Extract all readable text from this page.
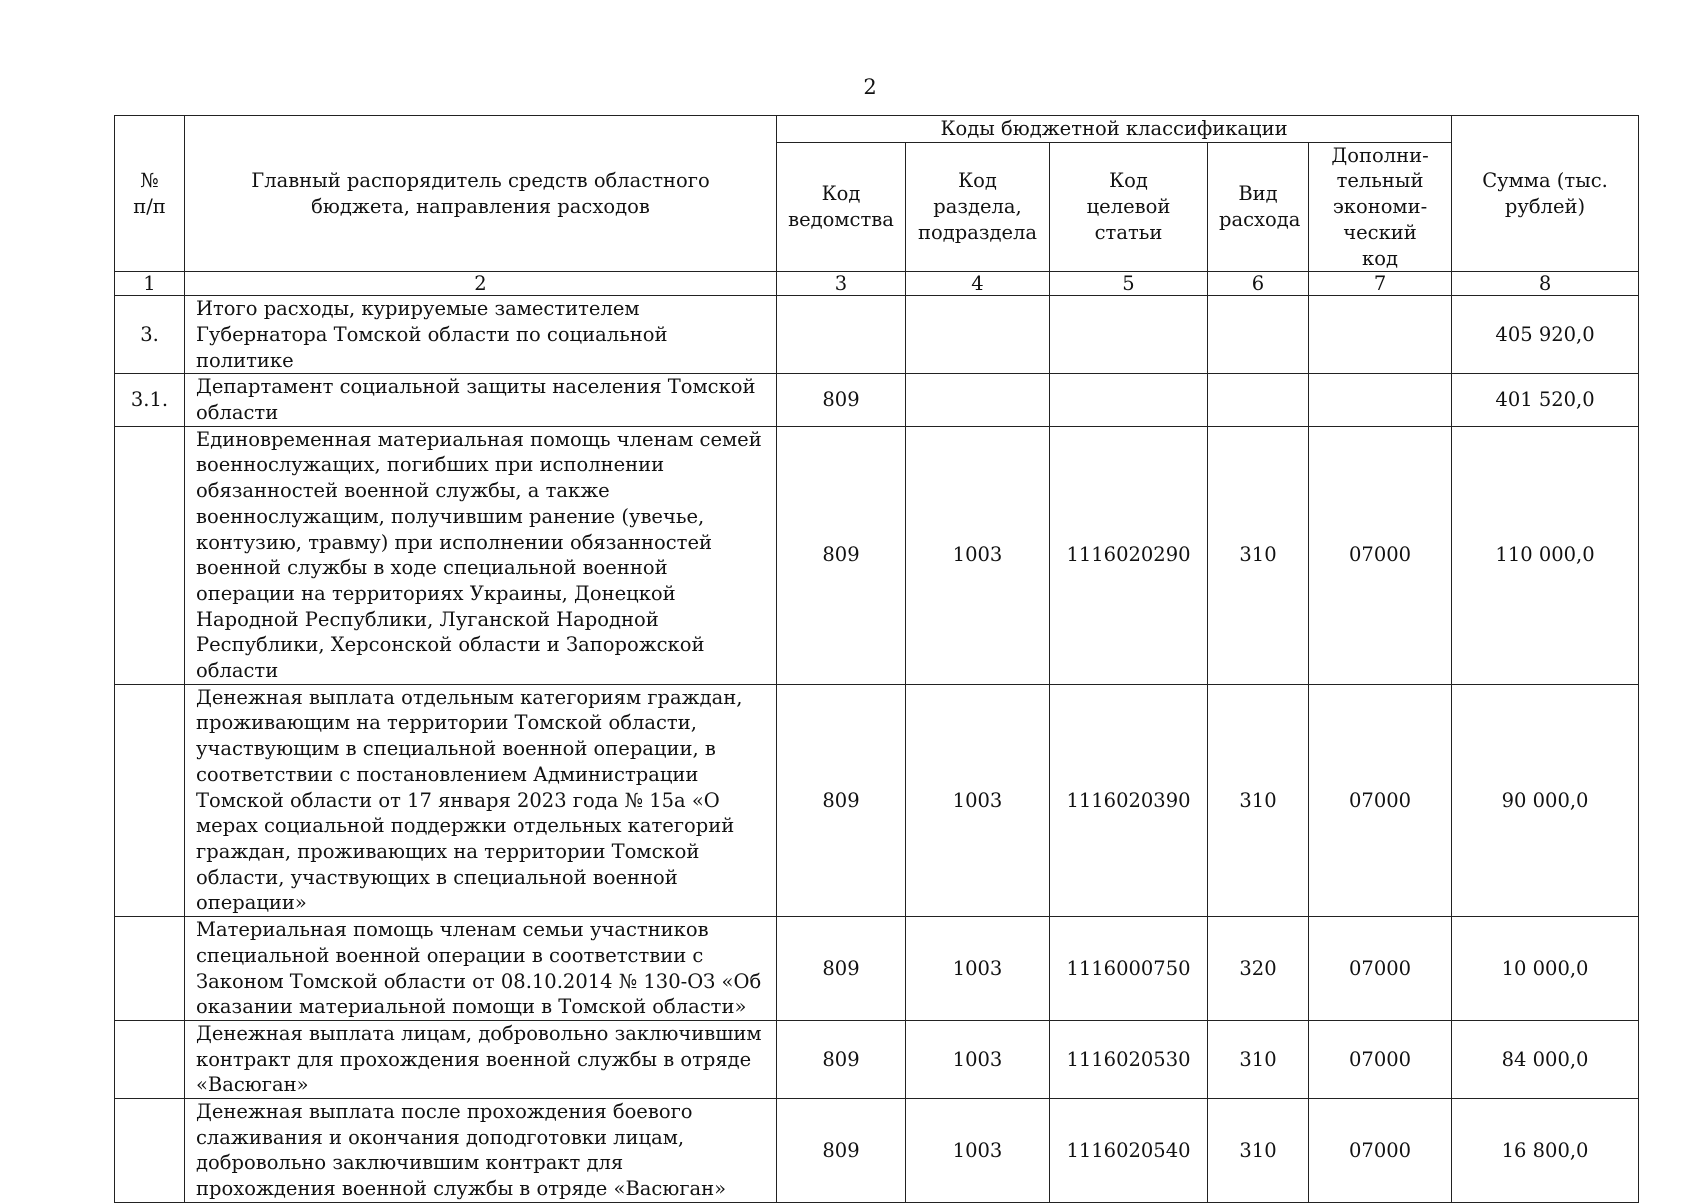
2
№ п/п	Главный распорядитель средств областного бюджета, направления расходов	Коды бюджетной классификации					Сумма (тыс. рублей)
		Код ведомства	Код раздела, подраздела	Код целевой статьи	Вид расхода	Дополни-тельный экономи-ческий код	
1	2	3	4	5	6	7	8
3.	Итого расходы, курируемые заместителем Губернатора Томской области по социальной политике						405 920,0
3.1.	Департамент социальной защиты населения Томской области	809					401 520,0
	Единовременная материальная помощь членам семей военнослужащих, погибших при исполнении обязанностей военной службы, а также военнослужащим, получившим ранение (увечье, контузию, травму) при исполнении обязанностей военной службы в ходе специальной военной операции на территориях Украины, Донецкой Народной Республики, Луганской Народной Республики, Херсонской области и Запорожской области	809	1003	1116020290	310	07000	110 000,0
	Денежная выплата отдельным категориям граждан, проживающим на территории Томской области, участвующим в специальной военной операции, в соответствии с постановлением Администрации Томской области от 17 января 2023 года № 15а «О мерах социальной поддержки отдельных категорий граждан, проживающих на территории Томской области, участвующих в специальной военной операции»	809	1003	1116020390	310	07000	90 000,0
	Материальная помощь членам семьи участников специальной военной операции в соответствии с Законом Томской области от 08.10.2014 № 130-ОЗ «Об оказании материальной помощи в Томской области»	809	1003	1116000750	320	07000	10 000,0
	Денежная выплата лицам, добровольно заключившим контракт для прохождения военной службы в отряде «Васюган»	809	1003	1116020530	310	07000	84 000,0
	Денежная выплата после прохождения боевого слаживания и окончания доподготовки лицам, добровольно заключившим контракт для прохождения военной службы в отряде «Васюган»	809	1003	1116020540	310	07000	16 800,0
